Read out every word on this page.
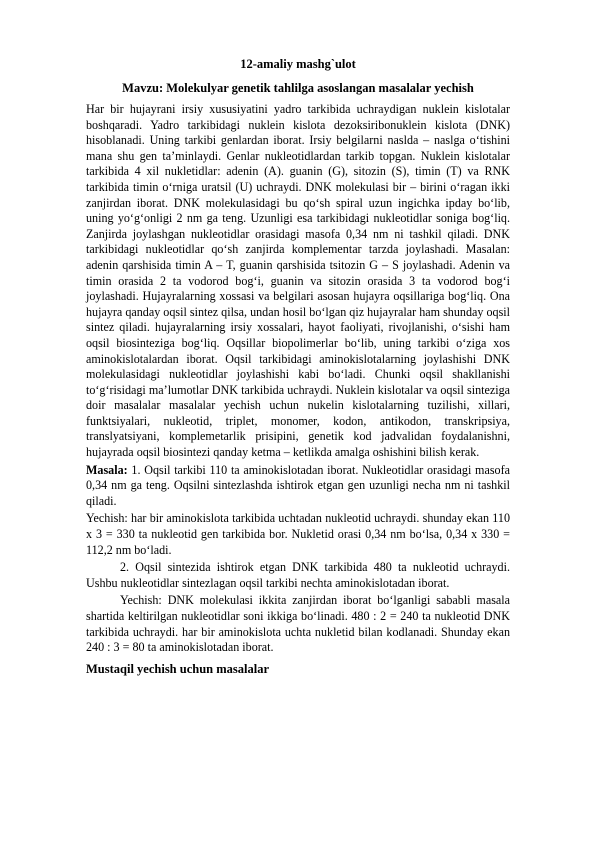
12-amaliy mashg`ulot
Mavzu: Molekulyar genetik tahlilga asoslangan masalalar yechish

Har bir hujayrani irsiy xususiyatini yadro tarkibida uchraydigan nuklein kislotalar boshqaradi. Yadro tarkibidagi nuklein kislota dezoksiribonuklein kislota (DNK) hisoblanadi. Uning tarkibi genlardan iborat. Irsiy belgilarni naslda – naslga o‘tishini mana shu gen ta’minlaydi. Genlar nukleotidlardan tarkib topgan. Nuklein kislotalar tarkibida 4 xil nukletidlar: adenin (A). guanin (G), sitozin (S), timin (T) va RNK tarkibida timin o‘rniga uratsil (U) uchraydi. DNK molekulasi bir – birini o‘ragan ikki zanjirdan iborat. DNK molekulasidagi bu qo‘sh spiral uzun ingichka ipday bo‘lib, uning yo‘g‘onligi 2 nm ga teng. Uzunligi esa tarkibidagi nukleotidlar soniga bog‘liq. Zanjirda joylashgan nukleotidlar orasidagi masofa 0,34 nm ni tashkil qiladi. DNK tarkibidagi nukleotidlar qo‘sh zanjirda komplementar tarzda joylashadi. Masalan: adenin qarshisida timin A – T, guanin qarshisida tsitozin G – S joylashadi. Adenin va timin orasida 2 ta vodorod bog‘i, guanin va sitozin orasida 3 ta vodorod bog‘i joylashadi. Hujayralarning xossasi va belgilari asosan hujayra oqsillariga bog‘liq. Ona hujayra qanday oqsil sintez qilsa, undan hosil bo‘lgan qiz hujayralar ham shunday oqsil sintez qiladi. hujayralarning irsiy xossalari, hayot faoliyati, rivojlanishi, o‘sishi ham oqsil biosinteziga bog‘liq. Oqsillar biopolimerlar bo‘lib, uning tarkibi o‘ziga xos aminokislotalardan iborat. Oqsil tarkibidagi aminokislotalarning joylashishi DNK molekulasidagi nukleotidlar joylashishi kabi bo‘ladi. Chunki oqsil shakllanishi to‘g‘risidagi ma’lumotlar DNK tarkibida uchraydi. Nuklein kislotalar va oqsil sinteziga doir masalalar masalalar yechish uchun nukelin kislotalarning tuzilishi, xillari, funktsiyalari, nukleotid, triplet, monomer, kodon, antikodon, transkripsiya, translyatsiyani, komplemetarlik prisipini, genetik kod jadvalidan foydalanishni, hujayrada oqsil biosintezi qanday ketma – ketlikda amalga oshishini bilish kerak.

Masala: 1. Oqsil tarkibi 110 ta aminokislotadan iborat. Nukleotidlar orasidagi masofa 0,34 nm ga teng. Oqsilni sintezlashda ishtirok etgan gen uzunligi necha nm ni tashkil qiladi.

Yechish: har bir aminokislota tarkibida uchtadan nukleotid uchraydi. shunday ekan 110 x 3 = 330 ta nukleotid gen tarkibida bor. Nukletid orasi 0,34 nm bo‘lsa, 0,34 x 330 = 112,2 nm bo‘ladi.

2. Oqsil sintezida ishtirok etgan DNK tarkibida 480 ta nukleotid uchraydi. Ushbu nukleotidlar sintezlagan oqsil tarkibi nechta aminokislotadan iborat.

Yechish: DNK molekulasi ikkita zanjirdan iborat bo‘lganligi sababli masala shartida keltirilgan nukleotidlar soni ikkiga bo‘linadi. 480 : 2 = 240 ta nukleotid DNK tarkibida uchraydi. har bir aminokislota uchta nukletid bilan kodlanadi. Shunday ekan 240 : 3 = 80 ta aminokislotadan iborat.

Mustaqil yechish uchun masalalar
